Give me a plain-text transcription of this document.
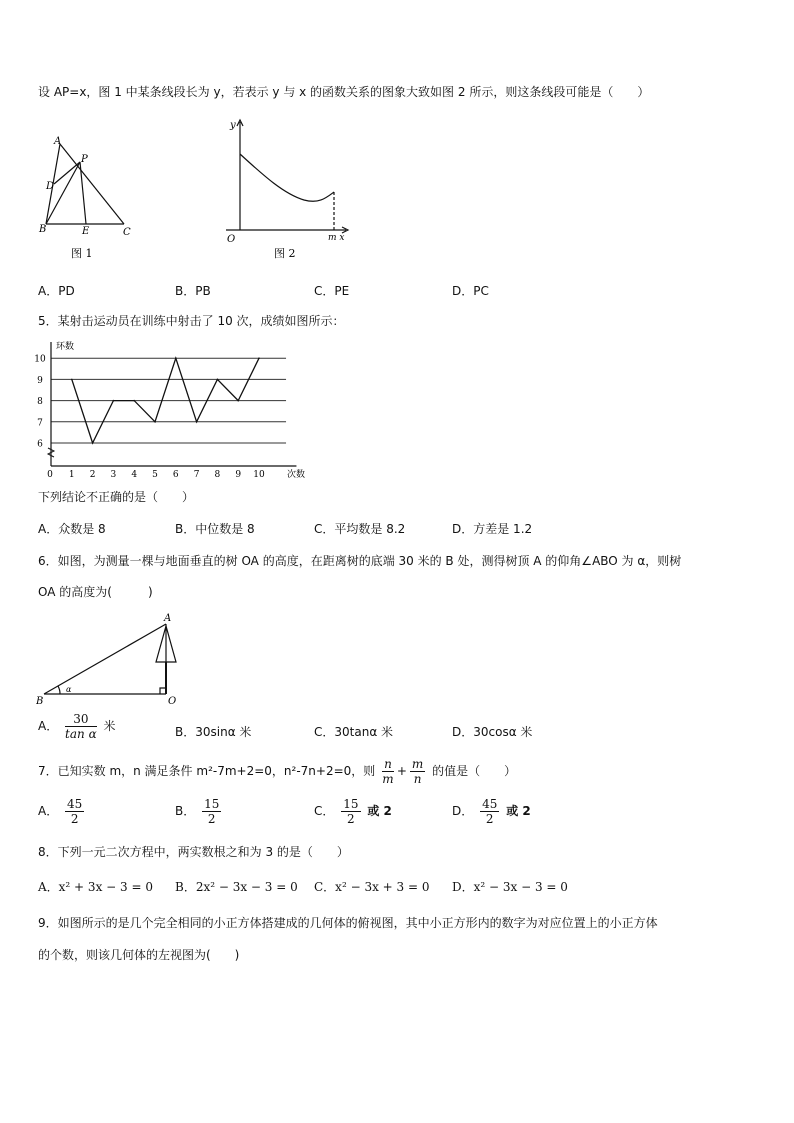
设 AP=x，图 1 中某条线段长为 y，若表示 y 与 x 的函数关系的图象大致如图 2 所示，则这条线段可能是（　　）
A
P
D
B	E	C
图 1
y
O	m x
图 2
A．PD	B．PB	C．PE	D．PC
5．某射击运动员在训练中射击了 10 次，成绩如图所示：
6
7
8
9
10
0 1 2 3 4 5 6 7 8 9 10 次数
环数
下列结论不正确的是（　　）
A．众数是 8	B．中位数是 8	C．平均数是 8.2	D．方差是 1.2
6．如图，为测量一棵与地面垂直的树 OA 的高度，在距离树的底端 30 米的 B 处，测得树顶 A 的仰角∠ABO 为 α，则树
OA 的高度为(　　　)
A
B	O
α
A． $\frac{30}{\text{tan α}}$ 米	B．30sinα 米	C．30tanα 米	D．30cosα 米
7．已知实数 m，n 满足条件 m²-7m+2=0，n²-7n+2=0，则 $\frac{n}{m} + \frac{m}{n}$ 的值是（　　）
A． $\frac{45}{2}$	B． $\frac{15}{2}$	C． $\frac{15}{2}$ 或 2	D． $\frac{45}{2}$ 或 2
8．下列一元二次方程中，两实数根之和为 3 的是（　　）
A．x² + 3x − 3 = 0 B．2x² − 3x − 3 = 0 C．x² − 3x + 3 = 0 D．x² − 3x − 3 = 0
9．如图所示的是几个完全相同的小正方体搭建成的几何体的俯视图，其中小正方形内的数字为对应位置上的小正方体
的个数，则该几何体的左视图为(　　)
